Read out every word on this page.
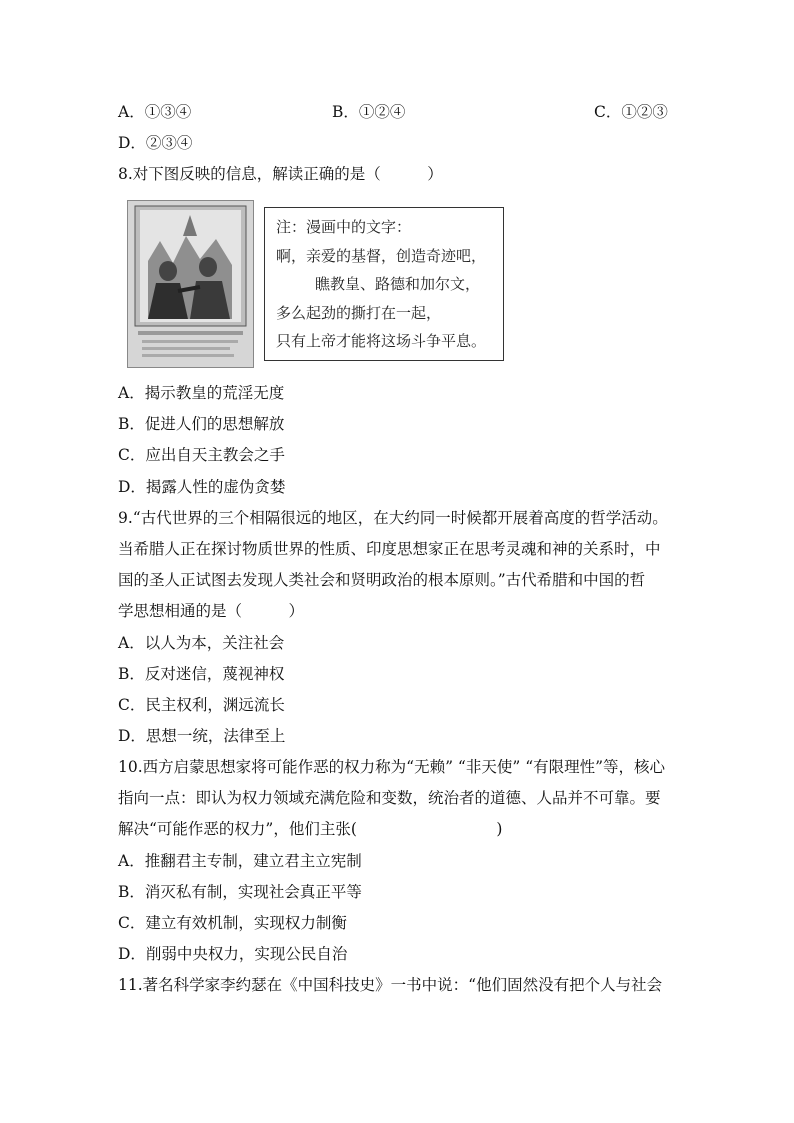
A．①③④	B．①②④	C．①②③
D．②③④
8.对下图反映的信息，解读正确的是（　　　）
注：漫画中的文字：
啊，亲爱的基督，创造奇迹吧，
瞧教皇、路德和加尔文，
多么起劲的撕打在一起，
只有上帝才能将这场斗争平息。
A．揭示教皇的荒淫无度
B．促进人们的思想解放
C．应出自天主教会之手
D．揭露人性的虚伪贪婪
9.“古代世界的三个相隔很远的地区，在大约同一时候都开展着高度的哲学活动。
当希腊人正在探讨物质世界的性质、印度思想家正在思考灵魂和神的关系时，中
国的圣人正试图去发现人类社会和贤明政治的根本原则。”古代希腊和中国的哲
学思想相通的是（　　　）
A．以人为本，关注社会
B．反对迷信，蔑视神权
C．民主权利，渊远流长
D．思想一统，法律至上
10.西方启蒙思想家将可能作恶的权力称为“无赖” “非天使” “有限理性”等，核心
指向一点：即认为权力领域充满危险和变数，统治者的道德、人品并不可靠。要
解决“可能作恶的权力”，他们主张(　　　　　　　　　)
A．推翻君主专制，建立君主立宪制
B．消灭私有制，实现社会真正平等
C．建立有效机制，实现权力制衡
D．削弱中央权力，实现公民自治
11.著名科学家李约瑟在《中国科技史》一书中说：“他们固然没有把个人与社会
